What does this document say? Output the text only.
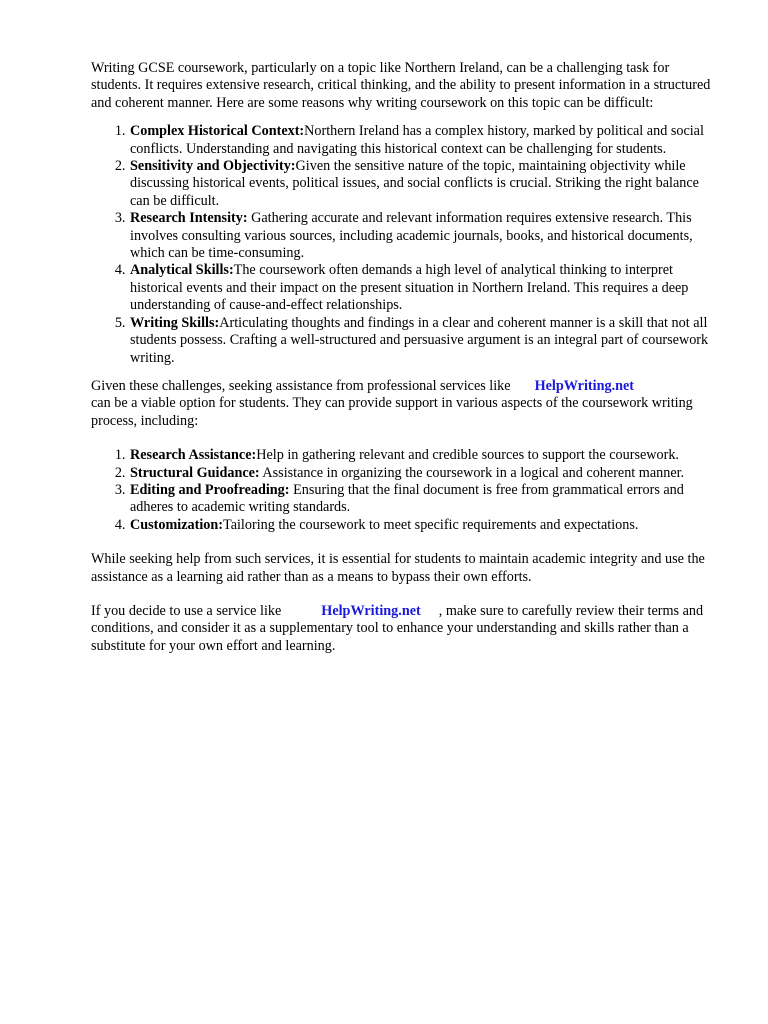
Writing GCSE coursework, particularly on a topic like Northern Ireland, can be a challenging task for students. It requires extensive research, critical thinking, and the ability to present information in a structured and coherent manner. Here are some reasons why writing coursework on this topic can be difficult:

1. Complex Historical Context:Northern Ireland has a complex history, marked by political and social conflicts. Understanding and navigating this historical context can be challenging for students.
2. Sensitivity and Objectivity:Given the sensitive nature of the topic, maintaining objectivity while discussing historical events, political issues, and social conflicts is crucial. Striking the right balance can be difficult.
3. Research Intensity: Gathering accurate and relevant information requires extensive research. This involves consulting various sources, including academic journals, books, and historical documents, which can be time-consuming.
4. Analytical Skills:The coursework often demands a high level of analytical thinking to interpret historical events and their impact on the present situation in Northern Ireland. This requires a deep understanding of cause-and-effect relationships.
5. Writing Skills:Articulating thoughts and findings in a clear and coherent manner is a skill that not all students possess. Crafting a well-structured and persuasive argument is an integral part of coursework writing.

Given these challenges, seeking assistance from professional services like HelpWriting.net
can be a viable option for students. They can provide support in various aspects of the coursework writing process, including:

1. Research Assistance:Help in gathering relevant and credible sources to support the coursework.
2. Structural Guidance: Assistance in organizing the coursework in a logical and coherent manner.
3. Editing and Proofreading: Ensuring that the final document is free from grammatical errors and adheres to academic writing standards.
4. Customization:Tailoring the coursework to meet specific requirements and expectations.

While seeking help from such services, it is essential for students to maintain academic integrity and use the assistance as a learning aid rather than as a means to bypass their own efforts.

If you decide to use a service like	HelpWriting.net , make sure to carefully review their terms and conditions, and consider it as a supplementary tool to enhance your understanding and skills rather than a substitute for your own effort and learning.
